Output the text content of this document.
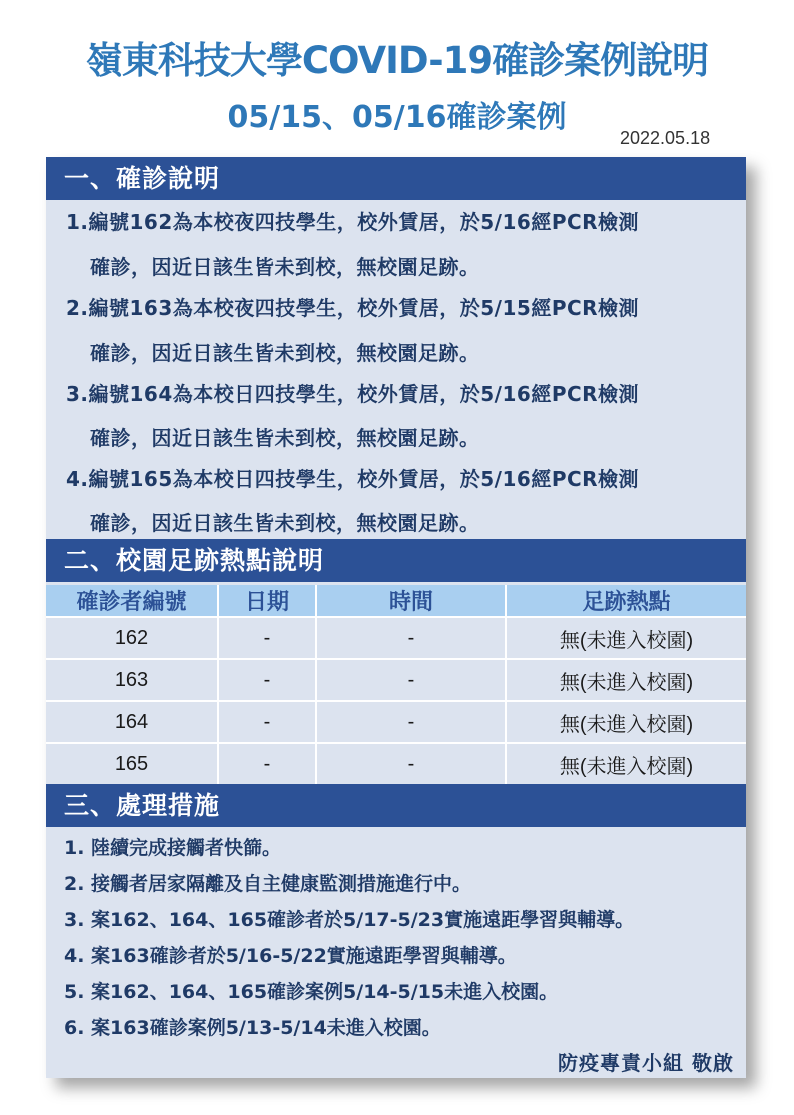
嶺東科技大學COVID-19確診案例說明
05/15、05/16確診案例
2022.05.18
一、確診說明
1.編號162為本校夜四技學生，校外賃居，於5/16經PCR檢測
確診，因近日該生皆未到校，無校園足跡。
2.編號163為本校夜四技學生，校外賃居，於5/15經PCR檢測
確診，因近日該生皆未到校，無校園足跡。
3.編號164為本校日四技學生，校外賃居，於5/16經PCR檢測
確診，因近日該生皆未到校，無校園足跡。
4.編號165為本校日四技學生，校外賃居，於5/16經PCR檢測
確診，因近日該生皆未到校，無校園足跡。
二、校園足跡熱點說明
確診者編號	日期	時間	足跡熱點
162	-	-	無(未進入校園)
163	-	-	無(未進入校園)
164	-	-	無(未進入校園)
165	-	-	無(未進入校園)
三、處理措施
1. 陸續完成接觸者快篩。
2. 接觸者居家隔離及自主健康監測措施進行中。
3. 案162、164、165確診者於5/17-5/23實施遠距學習與輔導。
4. 案163確診者於5/16-5/22實施遠距學習與輔導。
5. 案162、164、165確診案例5/14-5/15未進入校園。
6. 案163確診案例5/13-5/14未進入校園。
防疫專責小組 敬啟
